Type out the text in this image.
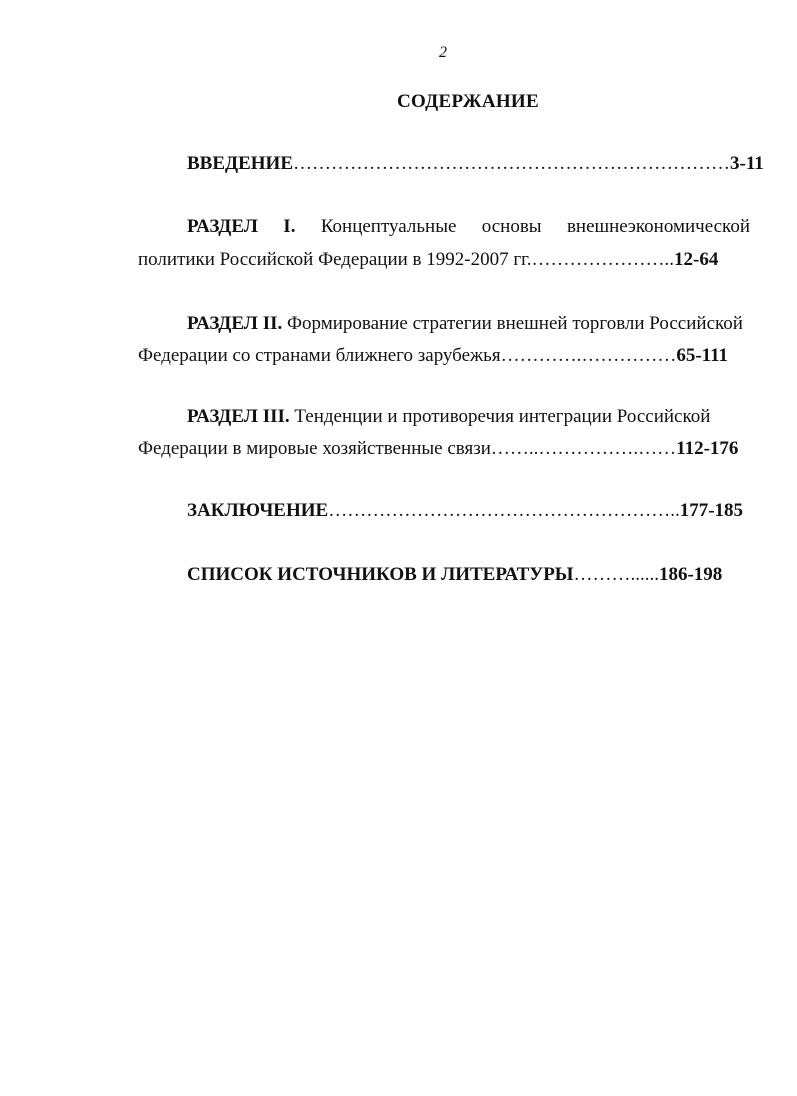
2
СОДЕРЖАНИЕ
ВВЕДЕНИЕ……………………………………………………………3-11
РАЗДЕЛ I. Концептуальные основы внешнеэкономической
политики Российской Федерации в 1992-2007 гг.…………………..12-64
РАЗДЕЛ II. Формирование стратегии внешней торговли Российской
Федерации со странами ближнего зарубежья………….……………65-111
РАЗДЕЛ III. Тенденции и противоречия интеграции Российской
Федерации в мировые хозяйственные связи……..…………….……112-176
ЗАКЛЮЧЕНИЕ………………………………………………..177-185
СПИСОК ИСТОЧНИКОВ И ЛИТЕРАТУРЫ………......186-198
